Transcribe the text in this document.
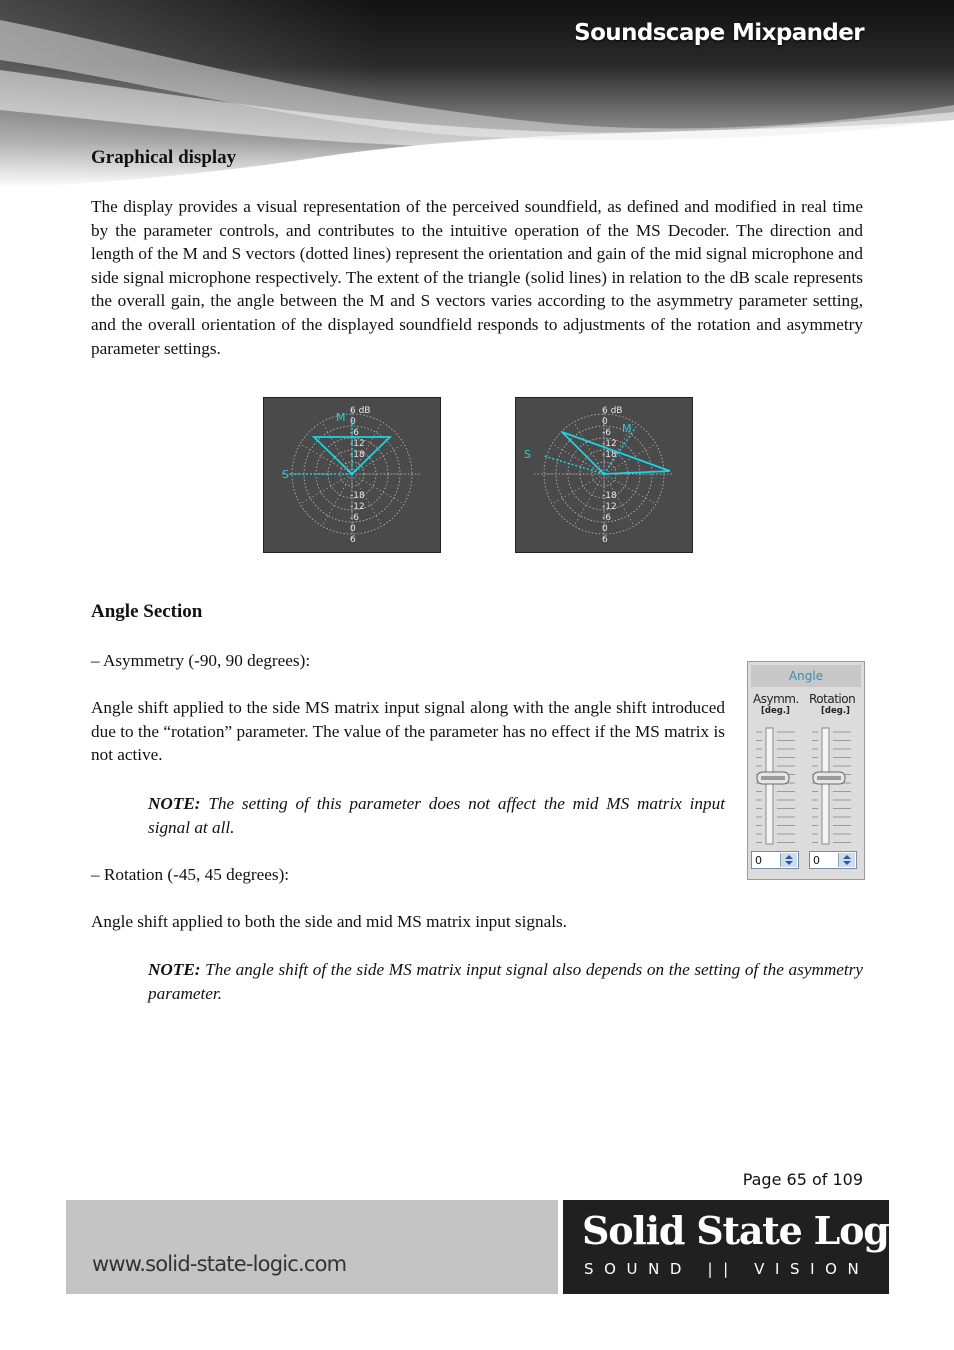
Soundscape Mixpander
Graphical display

The display provides a visual representation of the perceived soundfield, as defined and modified in real time by the parameter controls, and contributes to the intuitive operation of the MS Decoder. The direction and length of the M and S vectors (dotted lines) represent the orientation and gain of the mid signal microphone and side signal microphone respectively. The extent of the triangle (solid lines) in relation to the dB scale represents the overall gain, the angle between the M and S vectors varies according to the asymmetry parameter setting, and the overall orientation of the displayed soundfield responds to adjustments of the rotation and asymmetry parameter settings.

6 dB
0
-6
-12
-18
-18
-12
-6
0
6
M
S
6 dB
0
-6
-12
-18
-18
-12
-6
0
6
M
S
Angle Section

– Asymmetry (-90, 90 degrees):

Angle shift applied to the side MS matrix input signal along with the angle shift introduced due to the “rotation” parameter. The value of the parameter has no effect if the MS matrix is not active.

NOTE: The setting of this parameter does not affect the mid MS matrix input signal at all.

– Rotation (-45, 45 degrees):

Angle shift applied to both the side and mid MS matrix input signals.

NOTE: The angle shift of the side MS matrix input signal also depends on the setting of the asymmetry parameter.

Angle
Asymm.
[deg.]
Rotation
[deg.]
0	0
Page 65 of 109
www.solid-state-logic.com
Solid State Logic
SOUND || VISION
